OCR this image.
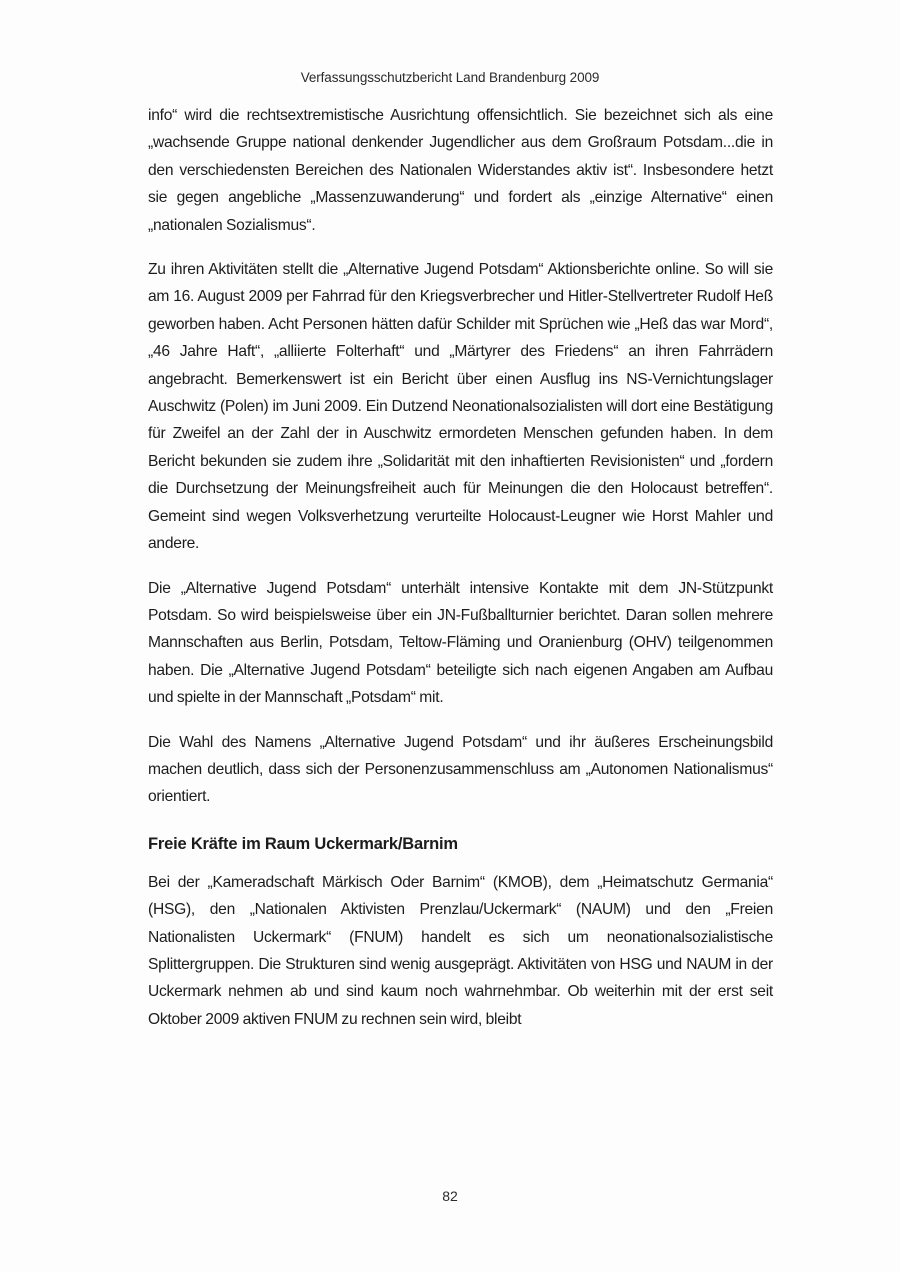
Verfassungsschutzbericht Land Brandenburg 2009

info“ wird die rechtsextremistische Ausrichtung offensichtlich. Sie bezeichnet sich als eine „wachsende Gruppe national denkender Jugendlicher aus dem Großraum Potsdam...die in den verschiedensten Bereichen des Nationalen Widerstandes aktiv ist“. Insbesondere hetzt sie gegen angebliche „Massenzuwanderung“ und fordert als „einzige Alternative“ einen „nationalen Sozialismus“.

Zu ihren Aktivitäten stellt die „Alternative Jugend Potsdam“ Aktionsberichte online. So will sie am 16. August 2009 per Fahrrad für den Kriegsverbrecher und Hitler-Stellvertreter Rudolf Heß geworben haben. Acht Personen hätten dafür Schilder mit Sprüchen wie „Heß das war Mord“, „46 Jahre Haft“, „alliierte Folterhaft“ und „Märtyrer des Friedens“ an ihren Fahrrädern angebracht. Bemerkenswert ist ein Bericht über einen Ausflug ins NS-Vernichtungslager Auschwitz (Polen) im Juni 2009. Ein Dutzend Neonationalsozialisten will dort eine Bestätigung für Zweifel an der Zahl der in Auschwitz ermordeten Menschen gefunden haben. In dem Bericht bekunden sie zudem ihre „Solidarität mit den inhaftierten Revisionisten“ und „fordern die Durchsetzung der Meinungsfreiheit auch für Meinungen die den Holocaust betreffen“. Gemeint sind wegen Volksverhetzung verurteilte Holocaust-Leugner wie Horst Mahler und andere.

Die „Alternative Jugend Potsdam“ unterhält intensive Kontakte mit dem JN-Stützpunkt Potsdam. So wird beispielsweise über ein JN-Fußballturnier berichtet. Daran sollen mehrere Mannschaften aus Berlin, Potsdam, Teltow-Fläming und Oranienburg (OHV) teilgenommen haben. Die „Alternative Jugend Potsdam“ beteiligte sich nach eigenen Angaben am Aufbau und spielte in der Mannschaft „Potsdam“ mit.

Die Wahl des Namens „Alternative Jugend Potsdam“ und ihr äußeres Erscheinungsbild machen deutlich, dass sich der Personenzusammenschluss am „Autonomen Nationalismus“ orientiert.

Freie Kräfte im Raum Uckermark/Barnim

Bei der „Kameradschaft Märkisch Oder Barnim“ (KMOB), dem „Heimatschutz Germania“ (HSG), den „Nationalen Aktivisten Prenzlau/Uckermark“ (NAUM) und den „Freien Nationalisten Uckermark“ (FNUM) handelt es sich um neonationalsozialistische Splittergruppen. Die Strukturen sind wenig ausgeprägt. Aktivitäten von HSG und NAUM in der Uckermark nehmen ab und sind kaum noch wahrnehmbar. Ob weiterhin mit der erst seit Oktober 2009 aktiven FNUM zu rechnen sein wird, bleibt

82
